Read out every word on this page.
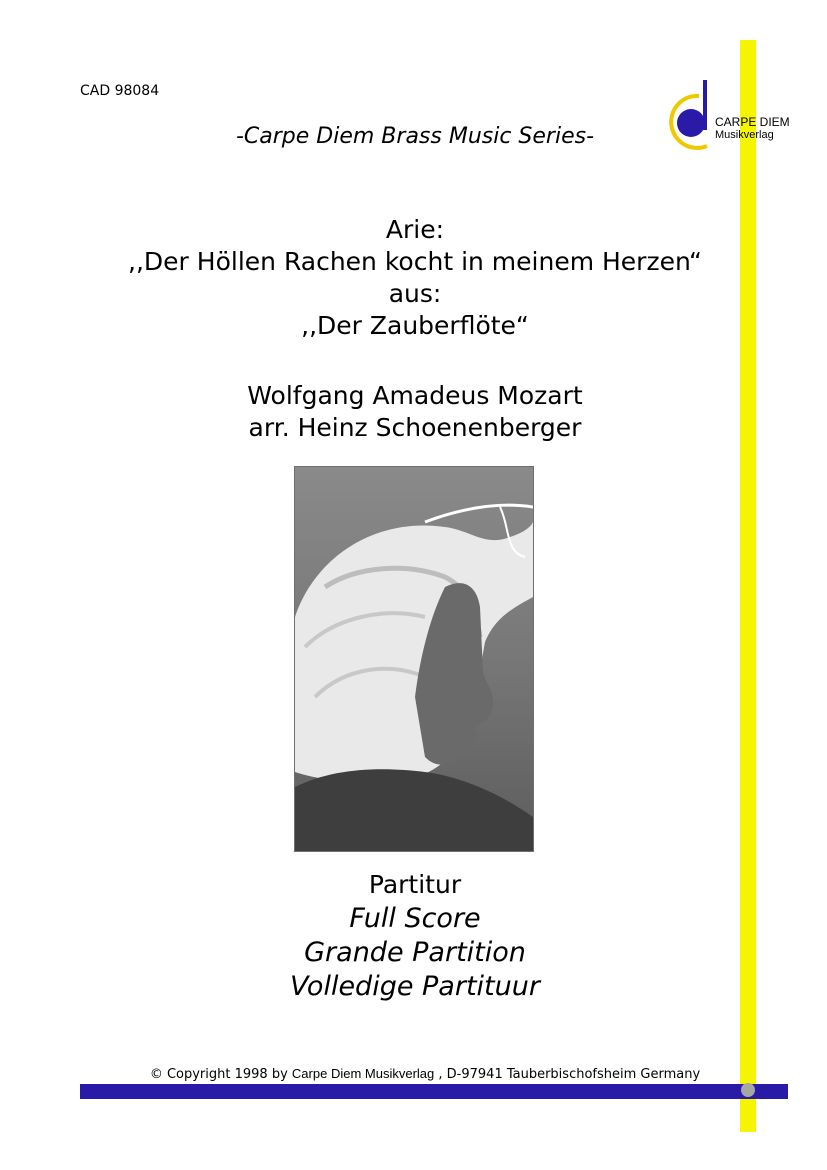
CAD 98084
-Carpe Diem Brass Music Series-
CARPE DIEM
Musikverlag
Arie:
,,Der Höllen Rachen kocht in meinem Herzen“
aus:
,,Der Zauberflöte“
Wolfgang Amadeus Mozart
arr. Heinz Schoenenberger
Partitur
Full Score
Grande Partition
Volledige Partituur
© Copyright 1998 by Carpe Diem Musikverlag , D-97941 Tauberbischofsheim Germany
